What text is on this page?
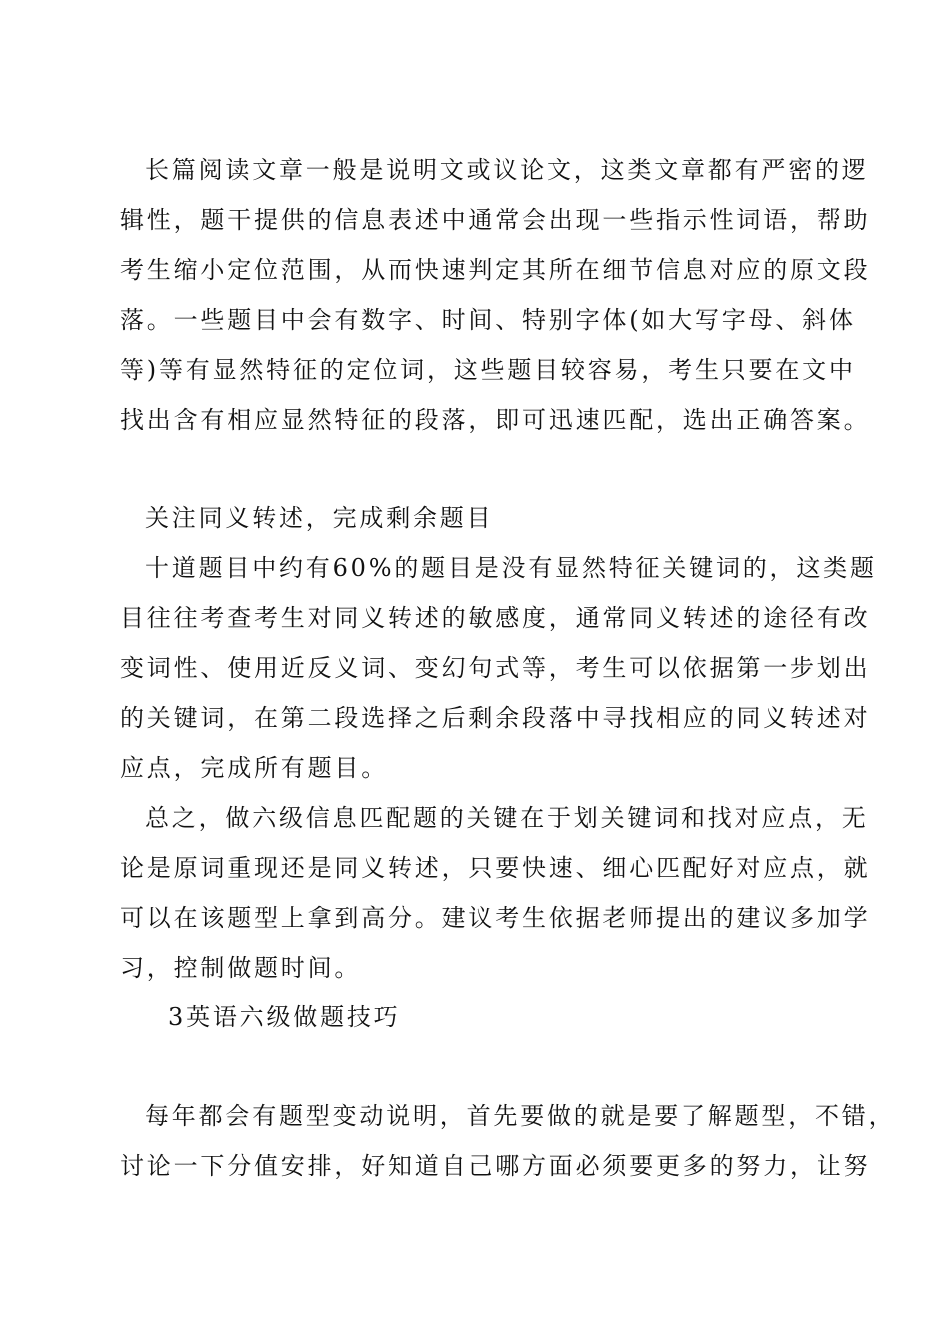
长篇阅读文章一般是说明文或议论文，这类文章都有严密的逻
辑性，题干提供的信息表述中通常会出现一些指示性词语，帮助
考生缩小定位范围，从而快速判定其所在细节信息对应的原文段
落。一些题目中会有数字、时间、特别字体(如大写字母、斜体
等)等有显然特征的定位词，这些题目较容易，考生只要在文中
找出含有相应显然特征的段落，即可迅速匹配，选出正确答案。
关注同义转述，完成剩余题目
十道题目中约有60%的题目是没有显然特征关键词的，这类题
目往往考查考生对同义转述的敏感度，通常同义转述的途径有改
变词性、使用近反义词、变幻句式等，考生可以依据第一步划出
的关键词，在第二段选择之后剩余段落中寻找相应的同义转述对
应点，完成所有题目。
总之，做六级信息匹配题的关键在于划关键词和找对应点，无
论是原词重现还是同义转述，只要快速、细心匹配好对应点，就
可以在该题型上拿到高分。建议考生依据老师提出的建议多加学
习，控制做题时间。
3英语六级做题技巧
每年都会有题型变动说明，首先要做的就是要了解题型，不错，
讨论一下分值安排，好知道自己哪方面必须要更多的努力，让努
